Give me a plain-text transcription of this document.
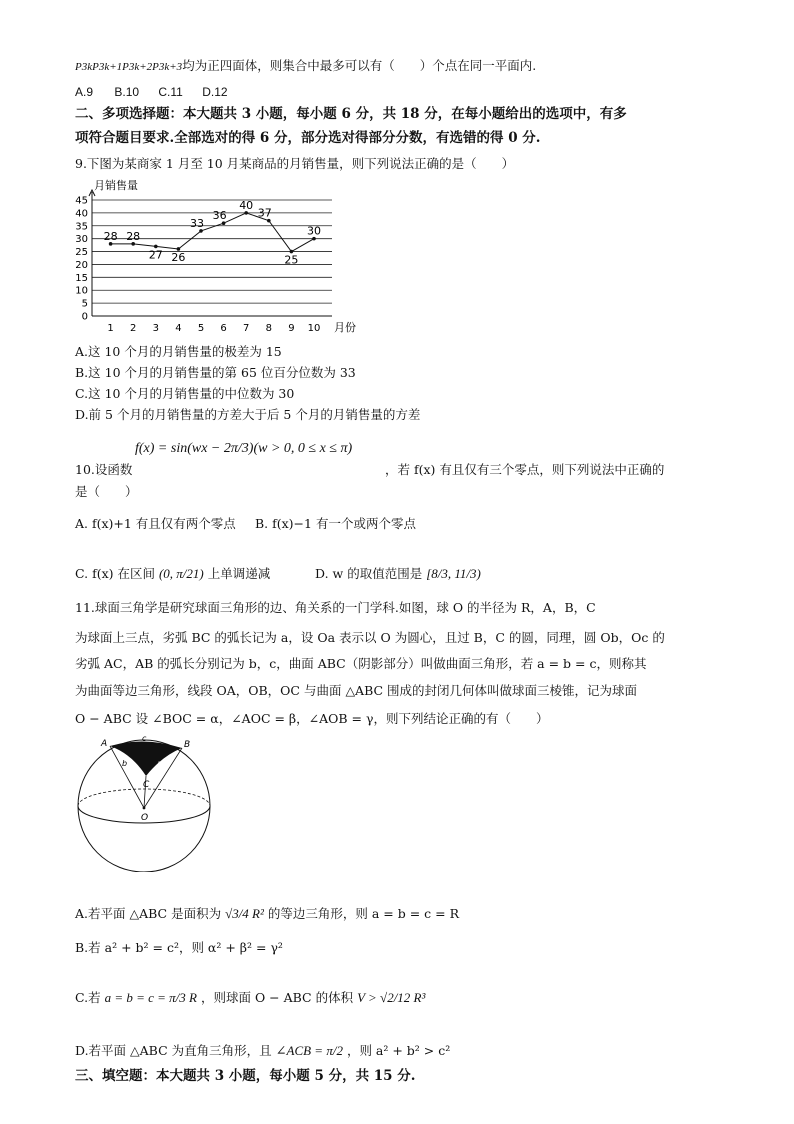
P3kP3k+1P3k+2P3k+3均为正四面体，则集合中最多可以有（　　）个点在同一平面内.
A.9 B.10 C.11 D.12
二、多项选择题：本大题共 3 小题，每小题 6 分，共 18 分，在每小题给出的选项中，有多
项符合题目要求.全部选对的得 6 分，部分选对得部分分数，有选错的得 0 分.
9.下图为某商家 1 月至 10 月某商品的月销售量，则下列说法正确的是（　　）
0
5
10
15
20
25
30
35
40
45
月销售量
月份
1 2 3 4 5 6 7 8 9 10
28 28
27 26
33
36
40
37
25
30
A.这 10 个月的月销售量的极差为 15
B.这 10 个月的月销售量的第 65 位百分位数为 33
C.这 10 个月的月销售量的中位数为 30
D.前 5 个月的月销售量的方差大于后 5 个月的月销售量的方差
10.设函数
f(x) = sin(wx − 2π/3)(w > 0, 0 ≤ x ≤ π)
，若 f(x) 有且仅有三个零点，则下列说法中正确的
是（　　）
A. f(x)+1 有且仅有两个零点 B. f(x)−1 有一个或两个零点
C. f(x) 在区间 (0, π/21) 上单调递减	D. w 的取值范围是 [8/3, 11/3)
11.球面三角学是研究球面三角形的边、角关系的一门学科.如图，球 O 的半径为 R，A，B，C
为球面上三点，劣弧 BC 的弧长记为 a，设 Oa 表示以 O 为圆心，且过 B，C 的圆，同理，圆 Ob，Oc 的
劣弧 AC，AB 的弧长分别记为 b，c，曲面 ABC（阴影部分）叫做曲面三角形，若 a = b = c，则称其
为曲面等边三角形，线段 OA，OB，OC 与曲面 △ABC 围成的封闭几何体叫做球面三棱锥，记为球面
O − ABC 设 ∠BOC = α，∠AOC = β，∠AOB = γ，则下列结论正确的有（　　）
A	B
C
a
b
c
O
A.若平面 △ABC 是面积为 √3/4 R² 的等边三角形，则 a = b = c = R
B.若 a² + b² = c²，则 α² + β² = γ²
C.若 a = b = c = π/3 R ，则球面 O − ABC 的体积 V > √2/12 R³
D.若平面 △ABC 为直角三角形，且 ∠ACB = π/2 ，则 a² + b² > c²
三、填空题：本大题共 3 小题，每小题 5 分，共 15 分.
